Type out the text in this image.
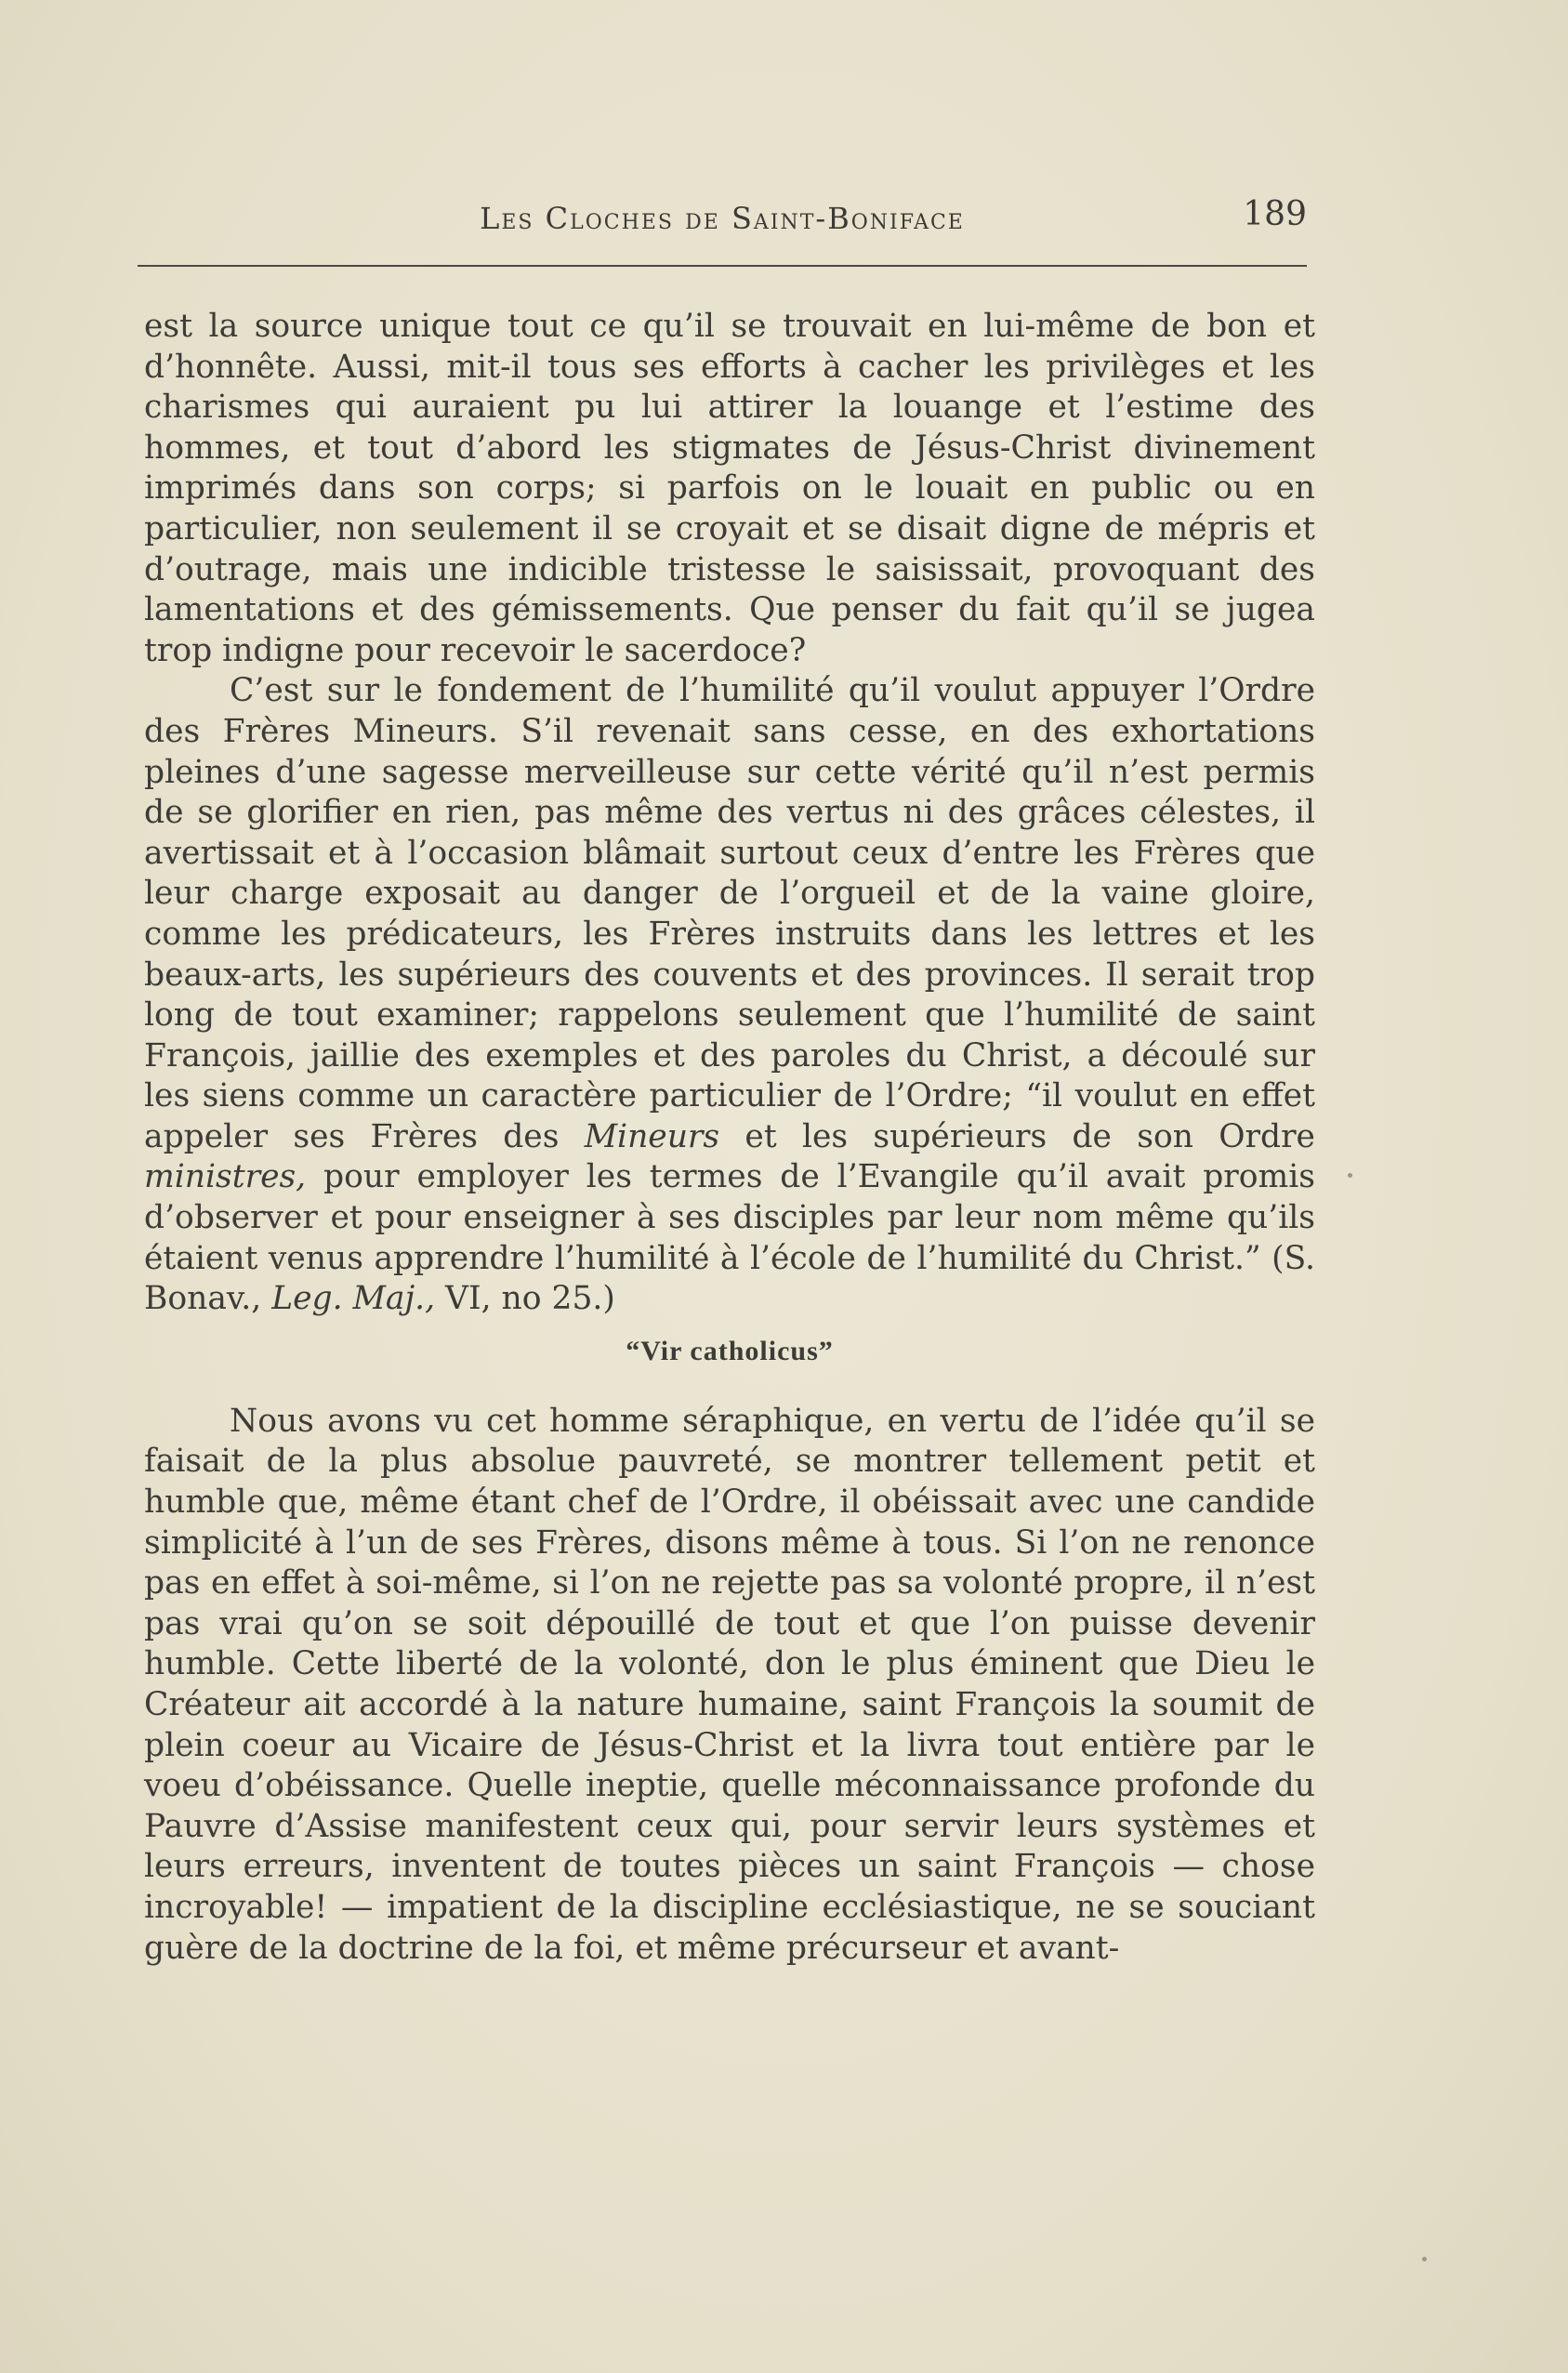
Les Cloches de Saint-Boniface	189

est la source unique tout ce qu’il se trouvait en lui-même de bon et d’honnête. Aussi, mit-il tous ses efforts à cacher les privilèges et les charismes qui auraient pu lui attirer la louange et l’estime des hommes, et tout d’abord les stigmates de Jésus-Christ divinement imprimés dans son corps; si parfois on le louait en public ou en particulier, non seulement il se croyait et se disait digne de mépris et d’outrage, mais une indicible tristesse le saisissait, provoquant des lamentations et des gémissements. Que penser du fait qu’il se jugea trop indigne pour recevoir le sacerdoce?

C’est sur le fondement de l’humilité qu’il voulut appuyer l’Ordre des Frères Mineurs. S’il revenait sans cesse, en des exhortations pleines d’une sagesse merveilleuse sur cette vérité qu’il n’est permis de se glorifier en rien, pas même des vertus ni des grâces célestes, il avertissait et à l’occasion blâmait surtout ceux d’entre les Frères que leur charge exposait au danger de l’orgueil et de la vaine gloire, comme les prédicateurs, les Frères instruits dans les lettres et les beaux-arts, les supérieurs des couvents et des provinces. Il serait trop long de tout examiner; rappelons seulement que l’humilité de saint François, jaillie des exemples et des paroles du Christ, a découlé sur les siens comme un caractère particulier de l’Ordre; “il voulut en effet appeler ses Frères des Mineurs et les supérieurs de son Ordre ministres, pour employer les termes de l’Evangile qu’il avait promis d’observer et pour enseigner à ses disciples par leur nom même qu’ils étaient venus apprendre l’humilité à l’école de l’humilité du Christ.” (S. Bonav., Leg. Maj., VI, no 25.)

“Vir catholicus”

Nous avons vu cet homme séraphique, en vertu de l’idée qu’il se faisait de la plus absolue pauvreté, se montrer tellement petit et humble que, même étant chef de l’Ordre, il obéissait avec une candide simplicité à l’un de ses Frères, disons même à tous. Si l’on ne renonce pas en effet à soi-même, si l’on ne rejette pas sa volonté propre, il n’est pas vrai qu’on se soit dépouillé de tout et que l’on puisse devenir humble. Cette liberté de la volonté, don le plus éminent que Dieu le Créateur ait accordé à la nature humaine, saint François la soumit de plein coeur au Vicaire de Jésus-Christ et la livra tout entière par le voeu d’obéissance. Quelle ineptie, quelle méconnaissance profonde du Pauvre d’Assise manifestent ceux qui, pour servir leurs systèmes et leurs erreurs, inventent de toutes pièces un saint François — chose incroyable! — impatient de la discipline ecclésiastique, ne se souciant guère de la doctrine de la foi, et même précurseur et avant-
